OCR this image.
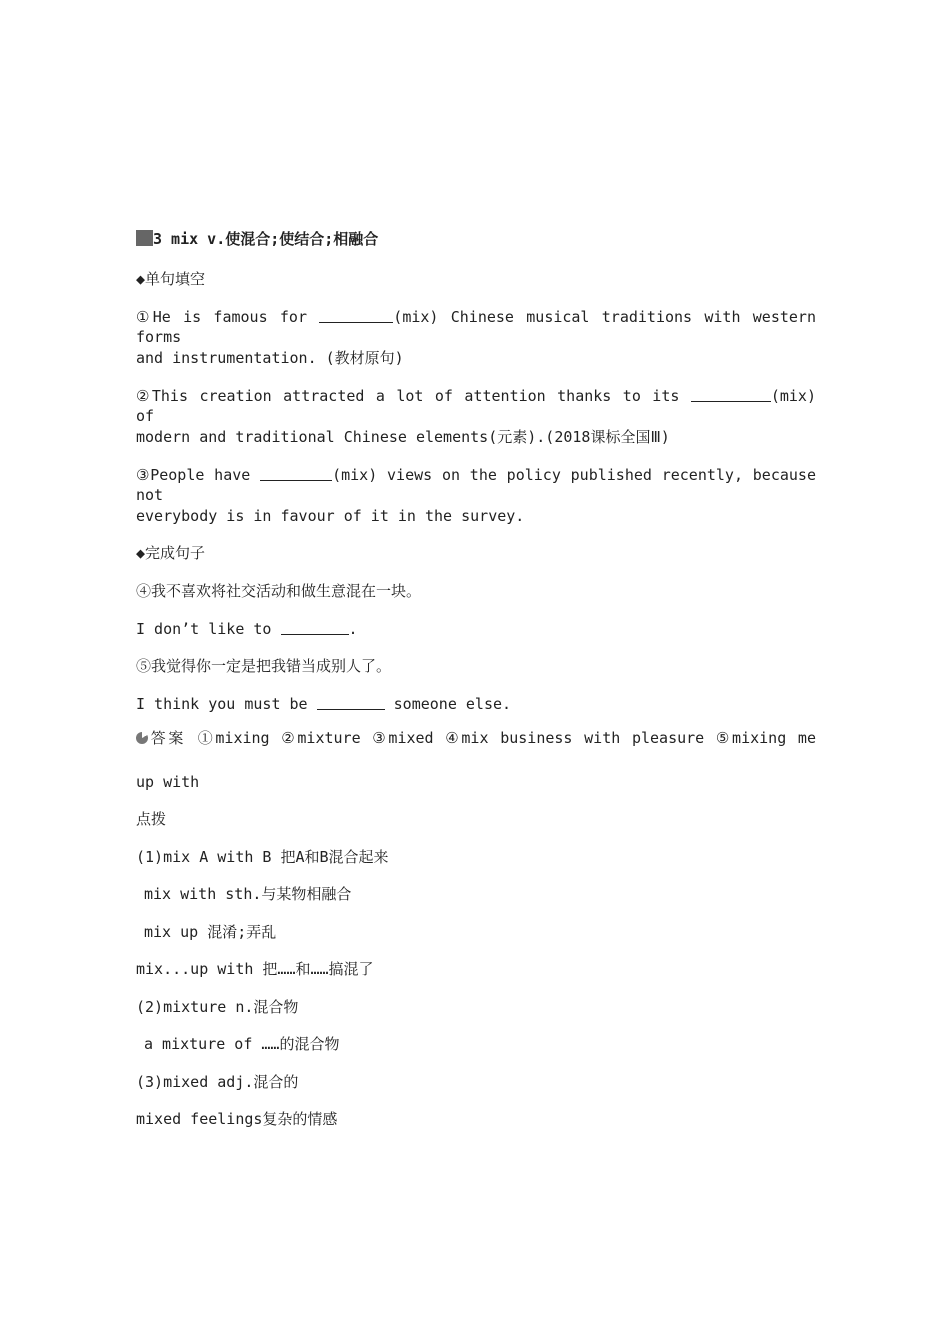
3 mix v.使混合;使结合;相融合
◆单句填空
①He is famous for	(mix) Chinese musical traditions with western forms
and instrumentation. (教材原句)
②This creation attracted a lot of attention thanks to its	(mix) of
modern and traditional Chinese elements(元素).(2018课标全国Ⅲ)
③People have	(mix) views on the policy published recently, because not
everybody is in favour of it in the survey.
◆完成句子
④我不喜欢将社交活动和做生意混在一块。
I don’t like to	.
⑤我觉得你一定是把我错当成别人了。
I think you must be	someone else.
答案 ①mixing ②mixture ③mixed ④mix business with pleasure ⑤mixing me
up with
点拨
(1)mix A with B 把A和B混合起来
mix with sth.与某物相融合
mix up 混淆;弄乱
mix...up with 把……和……搞混了
(2)mixture n.混合物
a mixture of ……的混合物
(3)mixed adj.混合的
mixed feelings复杂的情感
